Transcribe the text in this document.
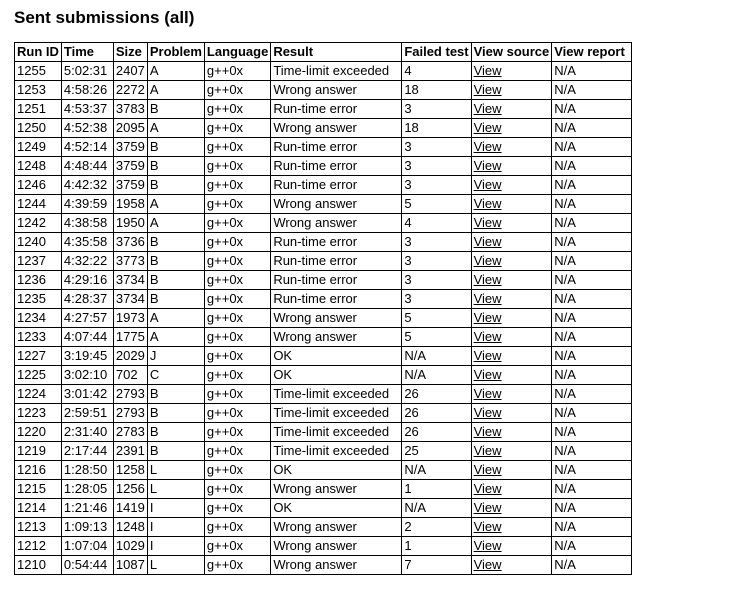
Sent submissions (all)
Run ID	Time	Size	Problem	Language	Result	Failed test	View source	View report
1255	5:02:31	2407	A	g++0x	Time-limit exceeded	4	View	N/A
1253	4:58:26	2272	A	g++0x	Wrong answer	18	View	N/A
1251	4:53:37	3783	B	g++0x	Run-time error	3	View	N/A
1250	4:52:38	2095	A	g++0x	Wrong answer	18	View	N/A
1249	4:52:14	3759	B	g++0x	Run-time error	3	View	N/A
1248	4:48:44	3759	B	g++0x	Run-time error	3	View	N/A
1246	4:42:32	3759	B	g++0x	Run-time error	3	View	N/A
1244	4:39:59	1958	A	g++0x	Wrong answer	5	View	N/A
1242	4:38:58	1950	A	g++0x	Wrong answer	4	View	N/A
1240	4:35:58	3736	B	g++0x	Run-time error	3	View	N/A
1237	4:32:22	3773	B	g++0x	Run-time error	3	View	N/A
1236	4:29:16	3734	B	g++0x	Run-time error	3	View	N/A
1235	4:28:37	3734	B	g++0x	Run-time error	3	View	N/A
1234	4:27:57	1973	A	g++0x	Wrong answer	5	View	N/A
1233	4:07:44	1775	A	g++0x	Wrong answer	5	View	N/A
1227	3:19:45	2029	J	g++0x	OK	N/A	View	N/A
1225	3:02:10	702	C	g++0x	OK	N/A	View	N/A
1224	3:01:42	2793	B	g++0x	Time-limit exceeded	26	View	N/A
1223	2:59:51	2793	B	g++0x	Time-limit exceeded	26	View	N/A
1220	2:31:40	2783	B	g++0x	Time-limit exceeded	26	View	N/A
1219	2:17:44	2391	B	g++0x	Time-limit exceeded	25	View	N/A
1216	1:28:50	1258	L	g++0x	OK	N/A	View	N/A
1215	1:28:05	1256	L	g++0x	Wrong answer	1	View	N/A
1214	1:21:46	1419	I	g++0x	OK	N/A	View	N/A
1213	1:09:13	1248	I	g++0x	Wrong answer	2	View	N/A
1212	1:07:04	1029	I	g++0x	Wrong answer	1	View	N/A
1210	0:54:44	1087	L	g++0x	Wrong answer	7	View	N/A
